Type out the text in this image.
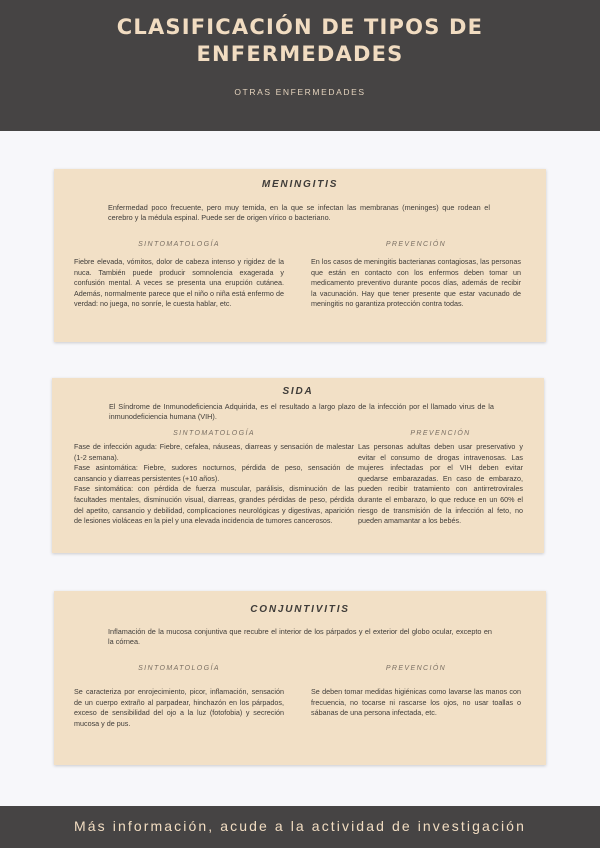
CLASIFICACIÓN DE TIPOS DE ENFERMEDADES
OTRAS ENFERMEDADES
MENINGITIS
Enfermedad poco frecuente, pero muy temida, en la que se infectan las membranas (meninges) que rodean el cerebro y la médula espinal. Puede ser de origen vírico o bacteriano.
SINTOMATOLOGÍA
Fiebre elevada, vómitos, dolor de cabeza intenso y rigidez de la nuca. También puede producir somnolencia exagerada y confusión mental. A veces se presenta una erupción cutánea. Además, normalmente parece que el niño o niña está enfermo de verdad: no juega, no sonríe, le cuesta hablar, etc.
PREVENCIÓN
En los casos de meningitis bacterianas contagiosas, las personas que están en contacto con los enfermos deben tomar un medicamento preventivo durante pocos días, además de recibir la vacunación. Hay que tener presente que estar vacunado de meningitis no garantiza protección contra todas.
SIDA
El Síndrome de Inmunodeficiencia Adquirida, es el resultado a largo plazo de la infección por el llamado virus de la inmunodeficiencia humana (VIH).
SINTOMATOLOGÍA

Fase de infección aguda: Fiebre, cefalea, náuseas, diarreas y sensación de malestar (1-2 semana).

Fase asintomática: Fiebre, sudores nocturnos, pérdida de peso, sensación de cansancio y diarreas persistentes (+10 años).

Fase sintomática: con pérdida de fuerza muscular, parálisis, disminución de las facultades mentales, disminución visual, diarreas, grandes pérdidas de peso, pérdida del apetito, cansancio y debilidad, complicaciones neurológicas y digestivas, aparición de lesiones violáceas en la piel y una elevada incidencia de tumores cancerosos.

PREVENCIÓN
Las personas adultas deben usar preservativo y evitar el consumo de drogas intravenosas. Las mujeres infectadas por el VIH deben evitar quedarse embarazadas. En caso de embarazo, pueden recibir tratamiento con antirretrovirales durante el embarazo, lo que reduce en un 60% el riesgo de transmisión de la infección al feto, no pueden amamantar a los bebés.
CONJUNTIVITIS
Inflamación de la mucosa conjuntiva que recubre el interior de los párpados y el exterior del globo ocular, excepto en la córnea.
SINTOMATOLOGÍA
Se caracteriza por enrojecimiento, picor, inflamación, sensación de un cuerpo extraño al parpadear, hinchazón en los párpados, exceso de sensibilidad del ojo a la luz (fotofobia) y secreción mucosa y de pus.
PREVENCIÓN
Se deben tomar medidas higiénicas como lavarse las manos con frecuencia, no tocarse ni rascarse los ojos, no usar toallas o sábanas de una persona infectada, etc.
Más información, acude a la actividad de investigación
